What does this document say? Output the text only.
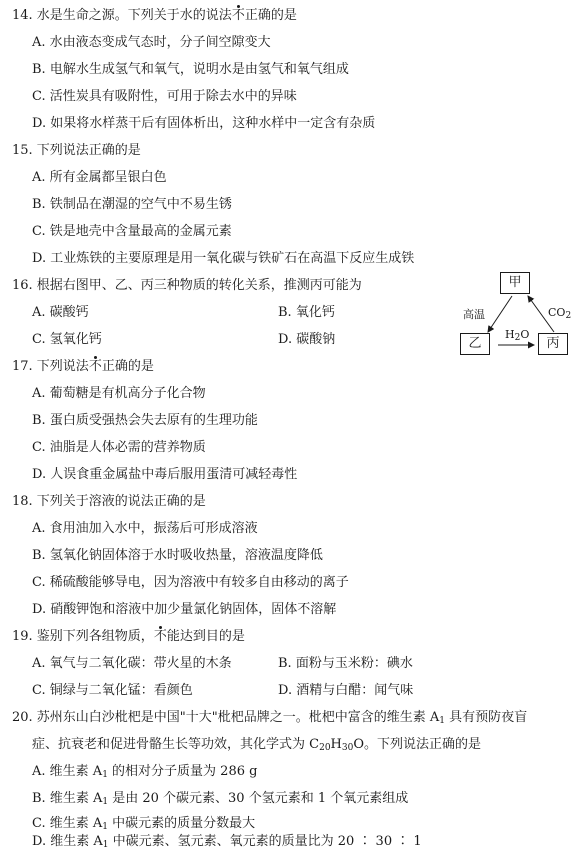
14. 水是生命之源。下列关于水的说法不正确的是
A. 水由液态变成气态时，分子间空隙变大
B. 电解水生成氢气和氧气，说明水是由氢气和氧气组成
C. 活性炭具有吸附性，可用于除去水中的异味
D. 如果将水样蒸干后有固体析出，这种水样中一定含有杂质
15. 下列说法正确的是
A. 所有金属都呈银白色
B. 铁制品在潮湿的空气中不易生锈
C. 铁是地壳中含量最高的金属元素
D. 工业炼铁的主要原理是用一氧化碳与铁矿石在高温下反应生成铁
16. 根据右图甲、乙、丙三种物质的转化关系，推测丙可能为
A. 碳酸钙	B. 氧化钙
C. 氢氧化钙	D. 碳酸钠
甲
乙	丙
高温
$H_2O$
$CO_2$
17. 下列说法不正确的是
A. 葡萄糖是有机高分子化合物
B. 蛋白质受强热会失去原有的生理功能
C. 油脂是人体必需的营养物质
D. 人误食重金属盐中毒后服用蛋清可减轻毒性
18. 下列关于溶液的说法正确的是
A. 食用油加入水中，振荡后可形成溶液
B. 氢氧化钠固体溶于水时吸收热量，溶液温度降低
C. 稀硫酸能够导电，因为溶液中有较多自由移动的离子
D. 硝酸钾饱和溶液中加少量氯化钠固体，固体不溶解
19. 鉴别下列各组物质，不能达到目的是
A. 氧气与二氧化碳：带火星的木条	B. 面粉与玉米粉：碘水
C. 铜绿与二氧化锰：看颜色	D. 酒精与白醋：闻气味
20. 苏州东山白沙枇杷是中国"十大"枇杷品牌之一。枇杷中富含的维生素 $A_1$ 具有预防夜盲
症、抗衰老和促进骨骼生长等功效，其化学式为 $C_{20}H_{30}O$。下列说法正确的是
A. 维生素 $A_1$ 的相对分子质量为 286 g
B. 维生素 $A_1$ 是由 20 个碳元素、30 个氢元素和 1 个氧元素组成
C. 维生素 $A_1$ 中碳元素的质量分数最大
D. 维生素 $A_1$ 中碳元素、氢元素、氧元素的质量比为 20 ∶ 30 ∶ 1
